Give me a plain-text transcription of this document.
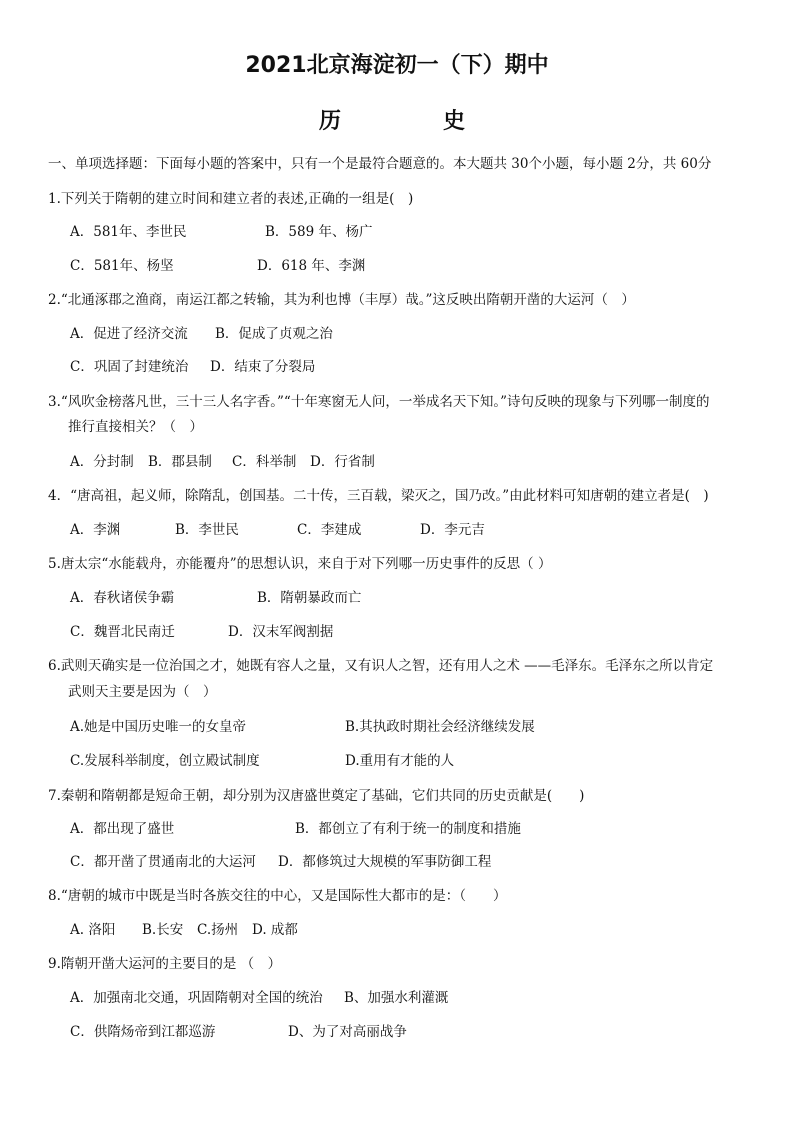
2021北京海淀初一（下）期中
历　史
一、单项选择题：下面每小题的答案中，只有一个是最符合题意的。本大题共 30个小题，每小题 2分，共 60分
1.下列关于隋朝的建立时间和建立者的表述,正确的一组是(　)
A．581年、李世民	B．589 年、杨广
C．581年、杨坚	D．618 年、李渊
2.“北通涿郡之渔商，南运江都之转输，其为利也博（丰厚）哉。”这反映出隋朝开凿的大运河（　）
A．促进了经济交流 B．促成了贞观之治
C．巩固了封建统治 D．结束了分裂局
3.“风吹金榜落凡世，三十三人名字香。”“十年寒窗无人问，一举成名天下知。”诗句反映的现象与下列哪一制度的
推行直接相关？（　）
A．分封制 B．郡县制 C．科举制 D．行省制
4．“唐高祖，起义师，除隋乱，创国基。二十传，三百载，梁灭之，国乃改。”由此材料可知唐朝的建立者是(　)
A．李渊	B．李世民	C．李建成	D．李元吉
5.唐太宗“水能载舟，亦能覆舟”的思想认识，来自于对下列哪一历史事件的反思（ ）
A．春秋诸侯争霸	B．隋朝暴政而亡
C．魏晋北民南迁	D．汉末军阀割据
6.武则天确实是一位治国之才，她既有容人之量，又有识人之智，还有用人之术 ——毛泽东。毛泽东之所以肯定
武则天主要是因为（　）
A.她是中国历史唯一的女皇帝	B.其执政时期社会经济继续发展
C.发展科举制度，创立殿试制度	D.重用有才能的人
7.秦朝和隋朝都是短命王朝，却分别为汉唐盛世奠定了基础，它们共同的历史贡献是(　　)
A．都出现了盛世	B．都创立了有利于统一的制度和措施
C．都开凿了贯通南北的大运河 D．都修筑过大规模的军事防御工程
8.“唐朝的城市中既是当时各族交往的中心，又是国际性大都市的是：（　　）
A. 洛阳 B.长安 C.扬州 D. 成都
9.隋朝开凿大运河的主要目的是 （　）
A．加强南北交通，巩固隋朝对全国的统治 B、加强水利灌溉
C．供隋炀帝到江都巡游	D、为了对高丽战争
